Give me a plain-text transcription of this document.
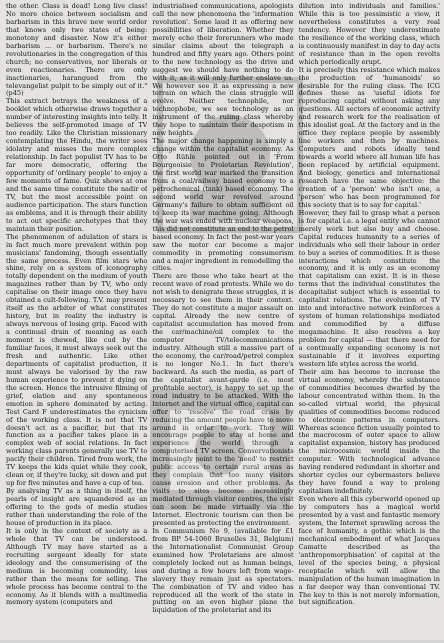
the other. Class is dead! Long live class! No more choice between socialism and barbarism in this brave new world order that knows only two states of being: monotony and disaster. Now it's either barbarism ... or barbarism. There's no revolutionaries in the congregation of this church; no conservatives, nor liberals or even reactionaries. There are only inactionaries, harangued from the televangelist pulpit to be simply out of it." (p45)

This extract betrays the weakness of a booklet which otherwise draws together a number of interesting insights into telly. It believes the self-promoted image of TV too readily. Like the Christian missionary contemplating the Hindu, the writer sees idolatry and misses the more complex relationship. In fact populist TV has to be far more democratic, offering the opportunity of 'ordinary people' to enjoy a few moments of fame. Quiz shows at one and the same time constitute the nadir of TV, but the most accessible point on audience participation. The stars function as emblems, and it is through their ability to act out specific archetypes that they maintain their position.

The phenomenon of adulation of stars is in fact much more prevalent within pop musicians' fandoming, though essentially the same process. Even film stars who shine, rely on a system of iconography totally dependent on the medium of youth magazines rather than by TV, who only capitalise on their image once they have obtained a cult-following. T.V. may present itself as the arbiter of what constitutes history, but in reality the industry is always nervous of losing grip. Faced with a continual drain of meaning as each moment is chewed, like cud by the familiar faces, it must always seek out the fresh and authentic. Like other departments of capitalist production, it must always be valorised by the raw human experience to prevent it dying on the screen. Hence the intrusive filming of grief, elation and any spontaneous emotion in sphere dominated by acting. Test Card F underestimates the cynicism of the working class. It is not that TV doesn't act as a pacifier, but that its function as a pacifier takes place in a complex web of social relations. In fact working class parents generally use TV to pacify their children. Tired from work, the TV keeps the kids quiet while they cook, clean or, if they're lucky, sit down and put up for five minutes and have a cup of tea.

By analysing TV as a thing in itself, the pearls of insight are squandered as an offering to the gods of media studies rather than understanding the role of the house of production in its place.

It is only in the context of society as a whole that TV can be understood. Although TV may have started as a recruiting sergeant ideally for state ideology and the consumerising of the medium is becoming commodity, less rather than the means for selling. The whole process has become central to the economy. As it blends with a multimedia memory system (computers and

industrialised communications, apologists call the new phenomena the 'information revolution'. Some laud it as offering new possibilities of liberation. Whether they merely echo their forerunners who made similar claims about the telegraph a hundred and fifty years ago. Others point to the new technology as the drive and suggest we should have nothing to do with it, as it will only further enslave us. We however see it as expressing a new terrain on which the class struggle will evolve. Neither technophile, nor technophobe, we see technology as an instrument of the ruling class whereby they hope to maintain their despotism in new heights.

The major change happening is simply a change within the capitalist economy. As Otto Rühle pointed out in 'From Bourgeoisie to Proletarian Revolution', the first world war marked the transition from a coal/railway based economy to a petrochemical (tank) based economy. The second world war revolved around Germany's failure to obtain sufficient oil to keep its war machine going. Although the war was ended with nuclear weapons, this did not constitute an end to the petrol based economy. In fact the post-war years saw the motor car become a major commodity in promoting consumerism and a major ingredient in remodelling the cities.

There are those who take heart at the recent wave of road protests. While we do not wish to denigrate these struggles, it is necessary to see them in their context. They do not constitute a major assault on capital. Already the new centre of capitalist accumulation has moved from the car/machine/oil complex to the computer TV/telecommunications industry. Although still a massive part of the economy, the car/road/petrol complex is no longer No.1. In fact there's backward. As such the media, as part of the capitalist avant-garde (i.e. most profitable sector), is happy to set up the road industry to be attacked. With the Internet and the virtual office, capital can offer to 'resolve' the road crisis by reducing the amount people have to move around in order to work. They will encourage people to stay at home and experience the world through a computerised TV screen. Conservationists increasingly point to the 'need' to restrict public access to certain rural areas as they complain that too many visitors cause erosion and other problems. As visits to sites become increasingly mediated through visitor centres, the visit can soon be made virtually via the Internet. Electronic tourism can then be presented as protecting the environment.

In Communism No 9, (available for £1 from BP 54-1060 Bruxelles 31, Belgium) the Internationalist Communist Group examined how 'Proletarians are almost completely locked out as human beings, and during a few hours left from wage-slavery they remain just as spectators. The combination of TV and video has reproduced all the work of the state in putting on an even higher plane the liquidation of the proletariat and its

dilution into individuals and families.' While this is too pessimistic a view, it nevertheless constitutes a very real tendency. However they underestimate the resilience of the working class, which is continuously manifest in day to day acts of resistance than in the open revolts which periodically erupt.

It is precisely this resistance which makes the production of 'humanoids' so desirable for the ruling class. The ICG defines these as 'useful idiots for reproducing capital without asking any questions. All sectors of economic activity and research work for the realisation of this idealist goal. At the factory and in the office they replace people by assembly line workers and then by machines. Computers and robots ideally tend towards a world where all human life has been replaced by artificial equipment. And biology, genetics and international research have the same objective: the creation of a 'person' who isn't one, a 'person' who has been programmed for this society that is to say for capital.'

However, they fail to grasp what a person is for capital i.e. a legal entity who cannot merely work but also buy and choose. Capital reduces humanity to a series of individuals who sell their labour in order to buy a series of commodities. It is these interactions which constitute the economy, and it is only as an economy that capitalism can exist. It is in these terms that the individual constitutes the decapitalist subject which is essential to capitalist relations. The evolution of TV into and interactive network reinforces a system of human relationships mediated and commodified by a diffuse megamachine. It also resolves a key problem for capital — that there need for a continually expanding economy is not sustainable if it involves exporting western life styles across the world.

Their aim has become to increase the virtual economy, whereby the substance of commodities becomes dwarfed by the labour concentrated within them. In the so-called virtual world, the physical qualities of commodities become reduced to electronic patterns in computers. Whereas science fiction usually pointed to the macrocosm of outer space to allow capitalist expansion, history has produced the microcosmic world inside the computer. With technological advance having rendered redundant in shorter and shorter cycles our cybermasters believe they have found a way to prolong capitalism indefinitely.

Even where all this cyberworld opened up by computers has a magical world presented by a vast and fantastic memory system, the Internet sprawling across the face of humanity, a gothic which is the mechanical embodiment of what Jacques Camatte described as the 'anthropomorphisation' of capital at the level of the species being, a physical receptacle which will allow the manipulation of the human imagination in a far deeper way than conventional TV. The key to this is not merely information, but signification.
